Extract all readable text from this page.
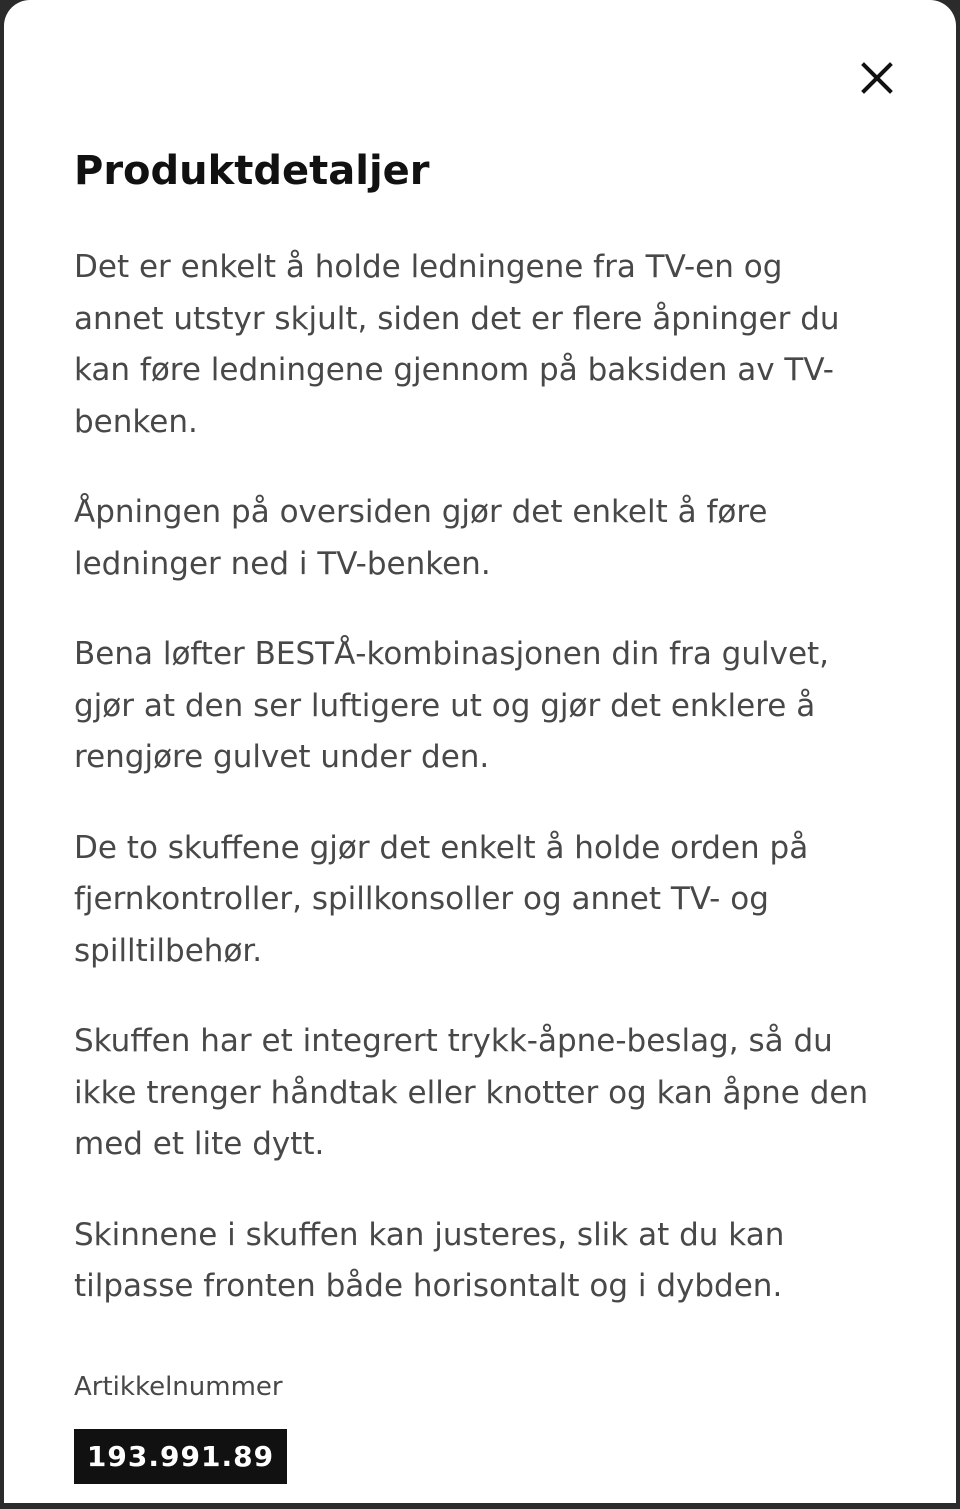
Produktdetaljer

Det er enkelt å holde ledningene fra TV-en og annet utstyr skjult, siden det er flere åpninger du kan føre ledningene gjennom på baksiden av TV-benken.

Åpningen på oversiden gjør det enkelt å føre ledninger ned i TV-benken.

Bena løfter BESTÅ-kombinasjonen din fra gulvet, gjør at den ser luftigere ut og gjør det enklere å rengjøre gulvet under den.

De to skuffene gjør det enkelt å holde orden på fjernkontroller, spillkonsoller og annet TV- og spilltilbehør.

Skuffen har et integrert trykk-åpne-beslag, så du ikke trenger håndtak eller knotter og kan åpne den med et lite dytt.

Skinnene i skuffen kan justeres, slik at du kan tilpasse fronten både horisontalt og i dybden.

Artikkelnummer

193.991.89
